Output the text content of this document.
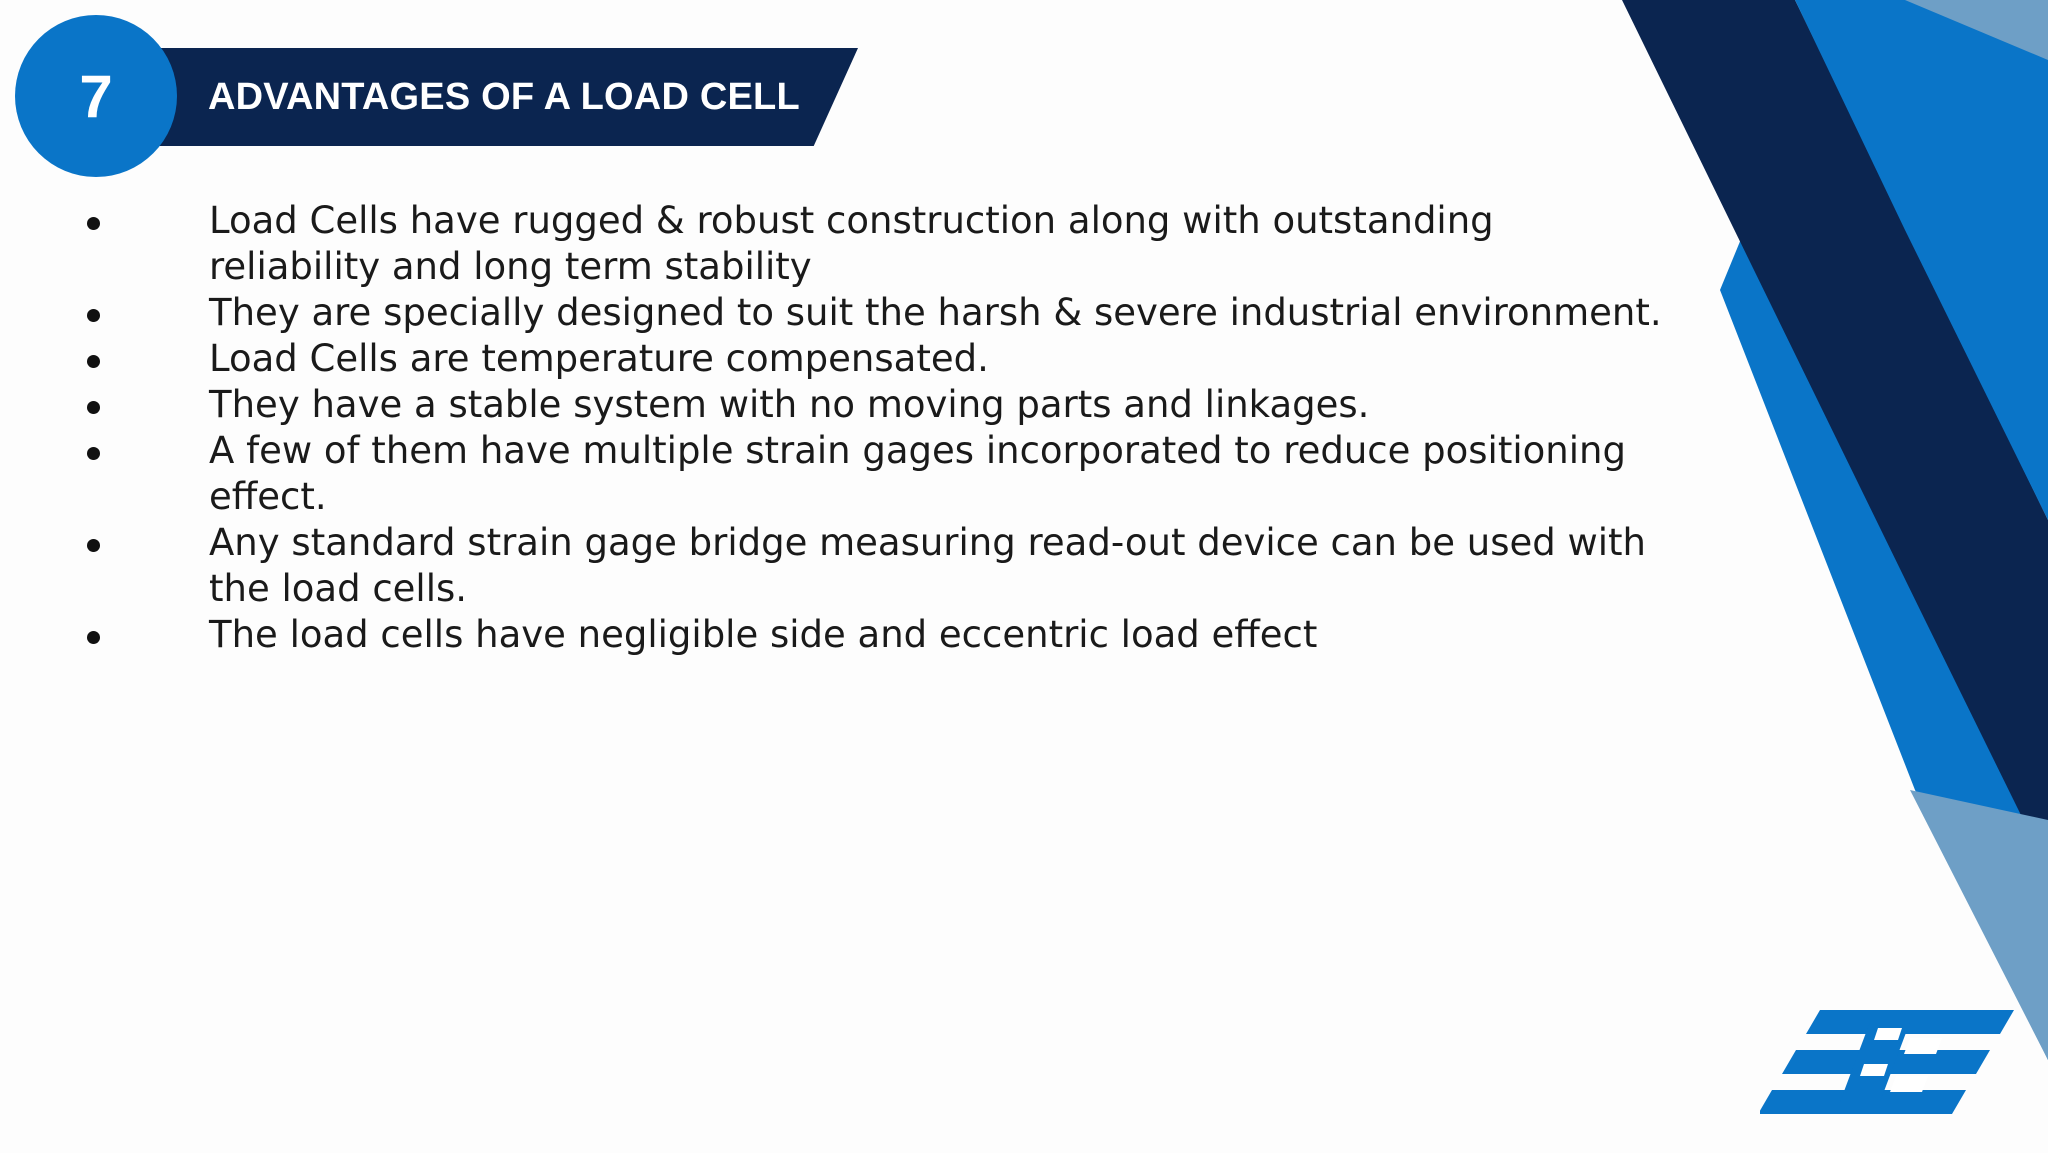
7	ADVANTAGES OF A LOAD CELL
Load Cells have rugged & robust construction along with outstanding
reliability and long term stability
They are specially designed to suit the harsh & severe industrial environment.
Load Cells are temperature compensated.
They have a stable system with no moving parts and linkages.
A few of them have multiple strain gages incorporated to reduce positioning
effect.
Any standard strain gage bridge measuring read-out device can be used with
the load cells.
The load cells have negligible side and eccentric load effect
